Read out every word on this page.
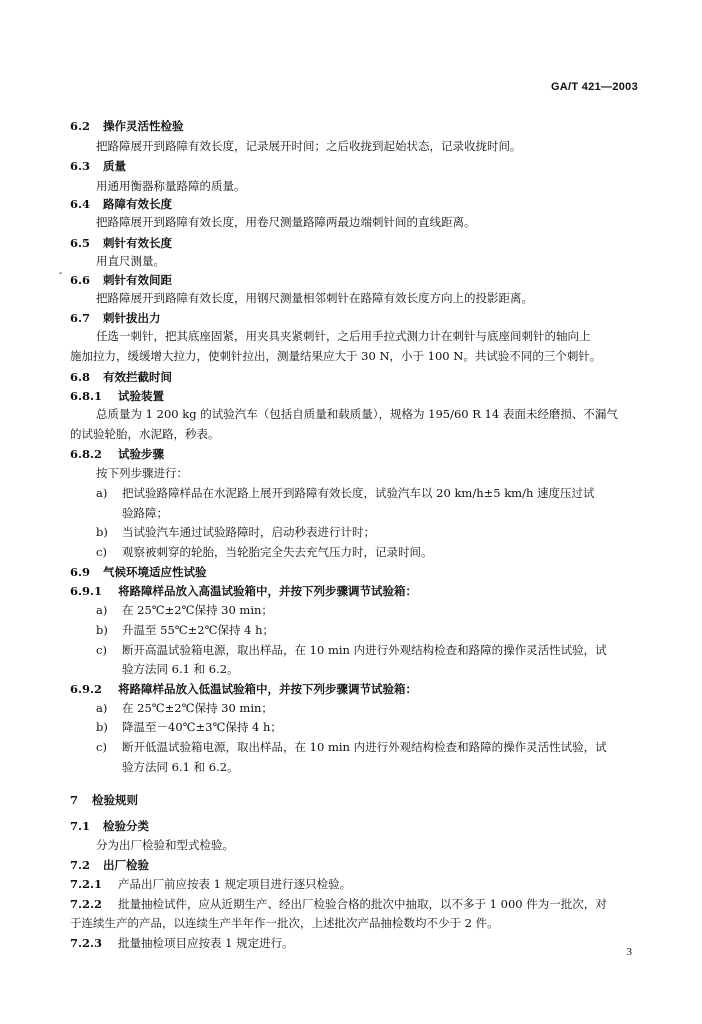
GA/T 421—2003
-
6.2 操作灵活性检验
把路障展开到路障有效长度，记录展开时间；之后收拢到起始状态，记录收拢时间。
6.3 质量
用通用衡器称量路障的质量。
6.4 路障有效长度
把路障展开到路障有效长度，用卷尺测量路障两最边端刺针间的直线距离。
6.5 刺针有效长度
用直尺测量。
6.6 刺针有效间距
把路障展开到路障有效长度，用钢尺测量相邻刺针在路障有效长度方向上的投影距离。
6.7 刺针拔出力
任选一刺针，把其底座固紧，用夹具夹紧刺针，之后用手拉式测力计在刺针与底座间刺针的轴向上
施加拉力，缓缓增大拉力，使刺针拉出，测量结果应大于 30 N，小于 100 N。共试验不同的三个刺针。
6.8 有效拦截时间
6.8.1 试验装置
总质量为 1 200 kg 的试验汽车（包括自质量和载质量），规格为 195/60 R 14 表面未经磨损、不漏气
的试验轮胎，水泥路，秒表。
6.8.2 试验步骤
按下列步骤进行：
a) 把试验路障样品在水泥路上展开到路障有效长度，试验汽车以 20 km/h±5 km/h 速度压过试
验路障；
b) 当试验汽车通过试验路障时，启动秒表进行计时；
c) 观察被刺穿的轮胎，当轮胎完全失去充气压力时，记录时间。
6.9 气候环境适应性试验
6.9.1 将路障样品放入高温试验箱中，并按下列步骤调节试验箱：
a) 在 25℃±2℃保持 30 min；
b) 升温至 55℃±2℃保持 4 h；
c) 断开高温试验箱电源，取出样品，在 10 min 内进行外观结构检查和路障的操作灵活性试验，试
验方法同 6.1 和 6.2。
6.9.2 将路障样品放入低温试验箱中，并按下列步骤调节试验箱：
a) 在 25℃±2℃保持 30 min；
b) 降温至－40℃±3℃保持 4 h；
c) 断开低温试验箱电源，取出样品，在 10 min 内进行外观结构检查和路障的操作灵活性试验，试
验方法同 6.1 和 6.2。
7 检验规则
7.1 检验分类
分为出厂检验和型式检验。
7.2 出厂检验
7.2.1 产品出厂前应按表 1 规定项目进行逐只检验。
7.2.2 批量抽检试件，应从近期生产、经出厂检验合格的批次中抽取，以不多于 1 000 件为一批次，对
于连续生产的产品，以连续生产半年作一批次，上述批次产品抽检数均不少于 2 件。
7.2.3 批量抽检项目应按表 1 规定进行。
3
